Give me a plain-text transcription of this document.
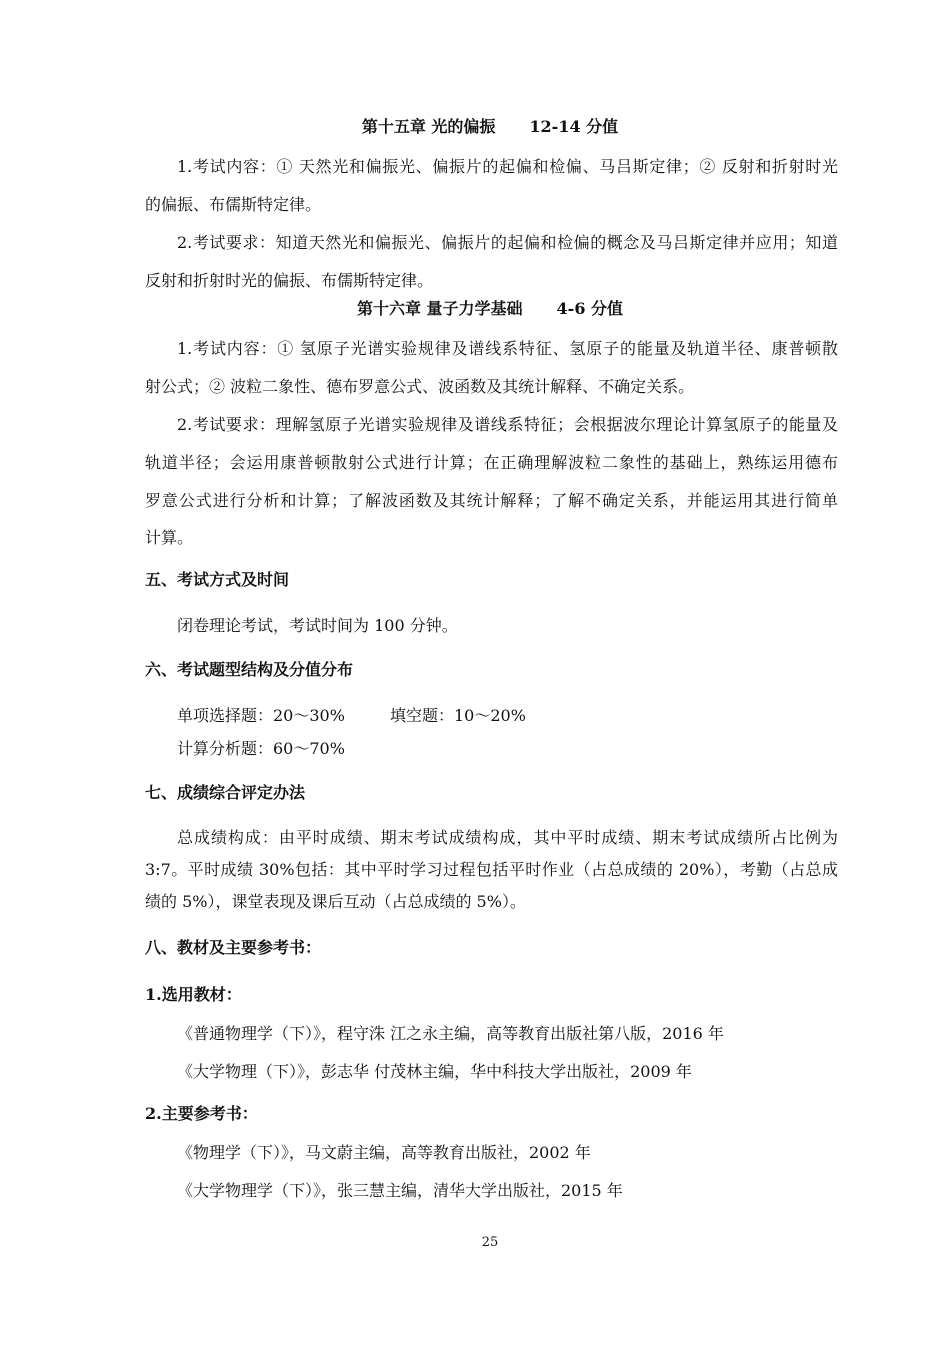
第十五章 光的偏振 12-14 分值
1.考试内容：① 天然光和偏振光、偏振片的起偏和检偏、马吕斯定律；② 反射和折射时光
的偏振、布儒斯特定律。
2.考试要求：知道天然光和偏振光、偏振片的起偏和检偏的概念及马吕斯定律并应用；知道
反射和折射时光的偏振、布儒斯特定律。
第十六章 量子力学基础 4-6 分值
1.考试内容：① 氢原子光谱实验规律及谱线系特征、氢原子的能量及轨道半径、康普顿散
射公式；② 波粒二象性、德布罗意公式、波函数及其统计解释、不确定关系。
2.考试要求：理解氢原子光谱实验规律及谱线系特征；会根据波尔理论计算氢原子的能量及
轨道半径；会运用康普顿散射公式进行计算；在正确理解波粒二象性的基础上，熟练运用德布
罗意公式进行分析和计算；了解波函数及其统计解释；了解不确定关系，并能运用其进行简单
计算。
五、考试方式及时间
闭卷理论考试，考试时间为 100 分钟。
六、考试题型结构及分值分布
单项选择题：20～30%	填空题：10～20%
计算分析题：60～70%
七、成绩综合评定办法
总成绩构成：由平时成绩、期末考试成绩构成，其中平时成绩、期末考试成绩所占比例为
3:7。平时成绩 30%包括：其中平时学习过程包括平时作业（占总成绩的 20%），考勤（占总成
绩的 5%），课堂表现及课后互动（占总成绩的 5%）。
八、教材及主要参考书：
1.选用教材：
《普通物理学（下）》，程守洙 江之永主编，高等教育出版社第八版，2016 年
《大学物理（下）》，彭志华 付茂林主编，华中科技大学出版社，2009 年
2.主要参考书：
《物理学（下）》，马文蔚主编，高等教育出版社，2002 年
《大学物理学（下）》，张三慧主编，清华大学出版社，2015 年
25
